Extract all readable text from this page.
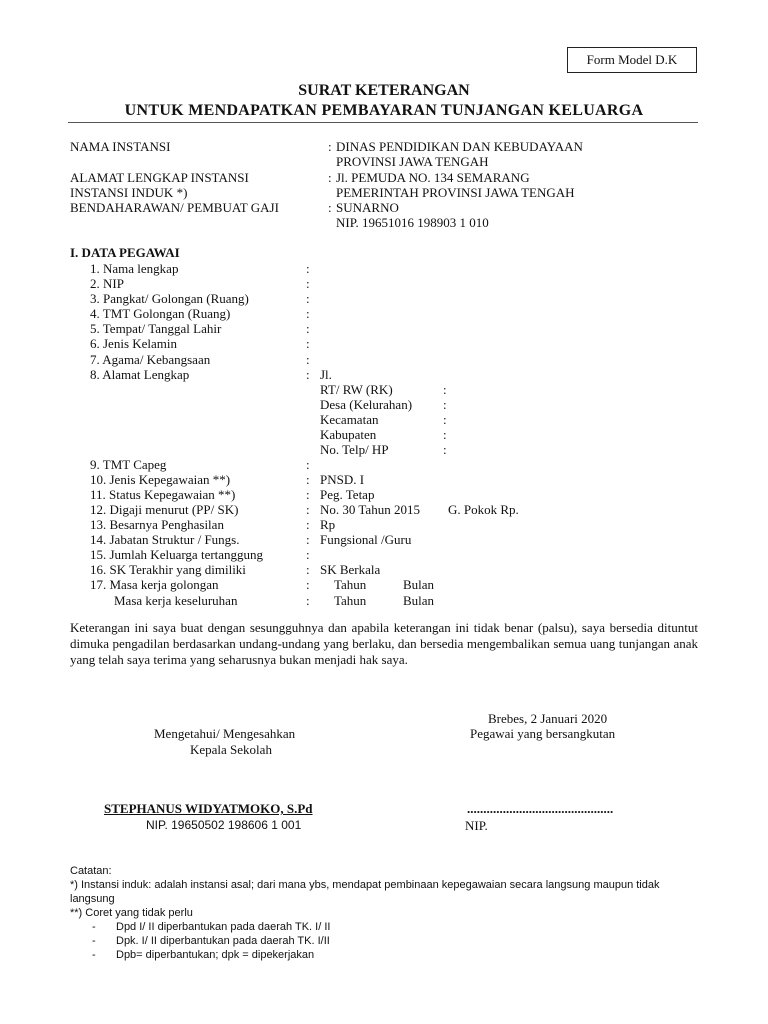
Form Model D.K
SURAT KETERANGAN
UNTUK MENDAPATKAN PEMBAYARAN TUNJANGAN KELUARGA
NAMA INSTANSI	: DINAS PENDIDIKAN DAN KEBUDAYAAN
PROVINSI JAWA TENGAH
ALAMAT LENGKAP INSTANSI	: Jl. PEMUDA NO. 134 SEMARANG
INSTANSI INDUK *)	PEMERINTAH PROVINSI JAWA TENGAH
BENDAHARAWAN/ PEMBUAT GAJI	: SUNARNO
NIP. 19651016 198903 1 010
I. DATA PEGAWAI
1. Nama lengkap	:
2. NIP	:
3. Pangkat/ Golongan (Ruang)	:
4. TMT Golongan (Ruang)	:
5. Tempat/ Tanggal Lahir	:
6. Jenis Kelamin	:
7. Agama/ Kebangsaan	:
8. Alamat Lengkap	: Jl.
RT/ RW (RK)	:
Desa (Kelurahan) :
Kecamatan	:
Kabupaten	:
No. Telp/ HP	:
9. TMT Capeg	:
10. Jenis Kepegawaian **)	: PNSD. I
11. Status Kepegawaian **)	: Peg. Tetap
12. Digaji menurut (PP/ SK)	: No. 30 Tahun 2015 G. Pokok Rp.
13. Besarnya Penghasilan	: Rp
14. Jabatan Struktur / Fungs.	: Fungsional /Guru
15. Jumlah Keluarga tertanggung	:
16. SK Terakhir yang dimiliki	: SK Berkala
17. Masa kerja golongan	: Tahun	Bulan
Masa kerja keseluruhan	: Tahun	Bulan
Keterangan ini saya buat dengan sesungguhnya dan apabila keterangan ini tidak benar (palsu), saya bersedia dituntut dimuka pengadilan berdasarkan undang-undang yang berlaku, dan bersedia mengembalikan semua uang tunjangan anak yang telah saya terima yang seharusnya bukan menjadi hak saya.
Brebes, 2 Januari 2020
Mengetahui/ Mengesahkan	Pegawai yang bersangkutan
Kepala Sekolah
STEPHANUS WIDYATMOKO, S.Pd	.............................................
NIP. 19650502 198606 1 001	NIP.
Catatan:
*) Instansi induk: adalah instansi asal; dari mana ybs, mendapat pembinaan kepegawaian secara langsung maupun tidak
langsung
**) Coret yang tidak perlu
- Dpd I/ II diperbantukan pada daerah TK. I/ II
- Dpk. I/ II diperbantukan pada daerah TK. I/II
- Dpb= diperbantukan; dpk = dipekerjakan
